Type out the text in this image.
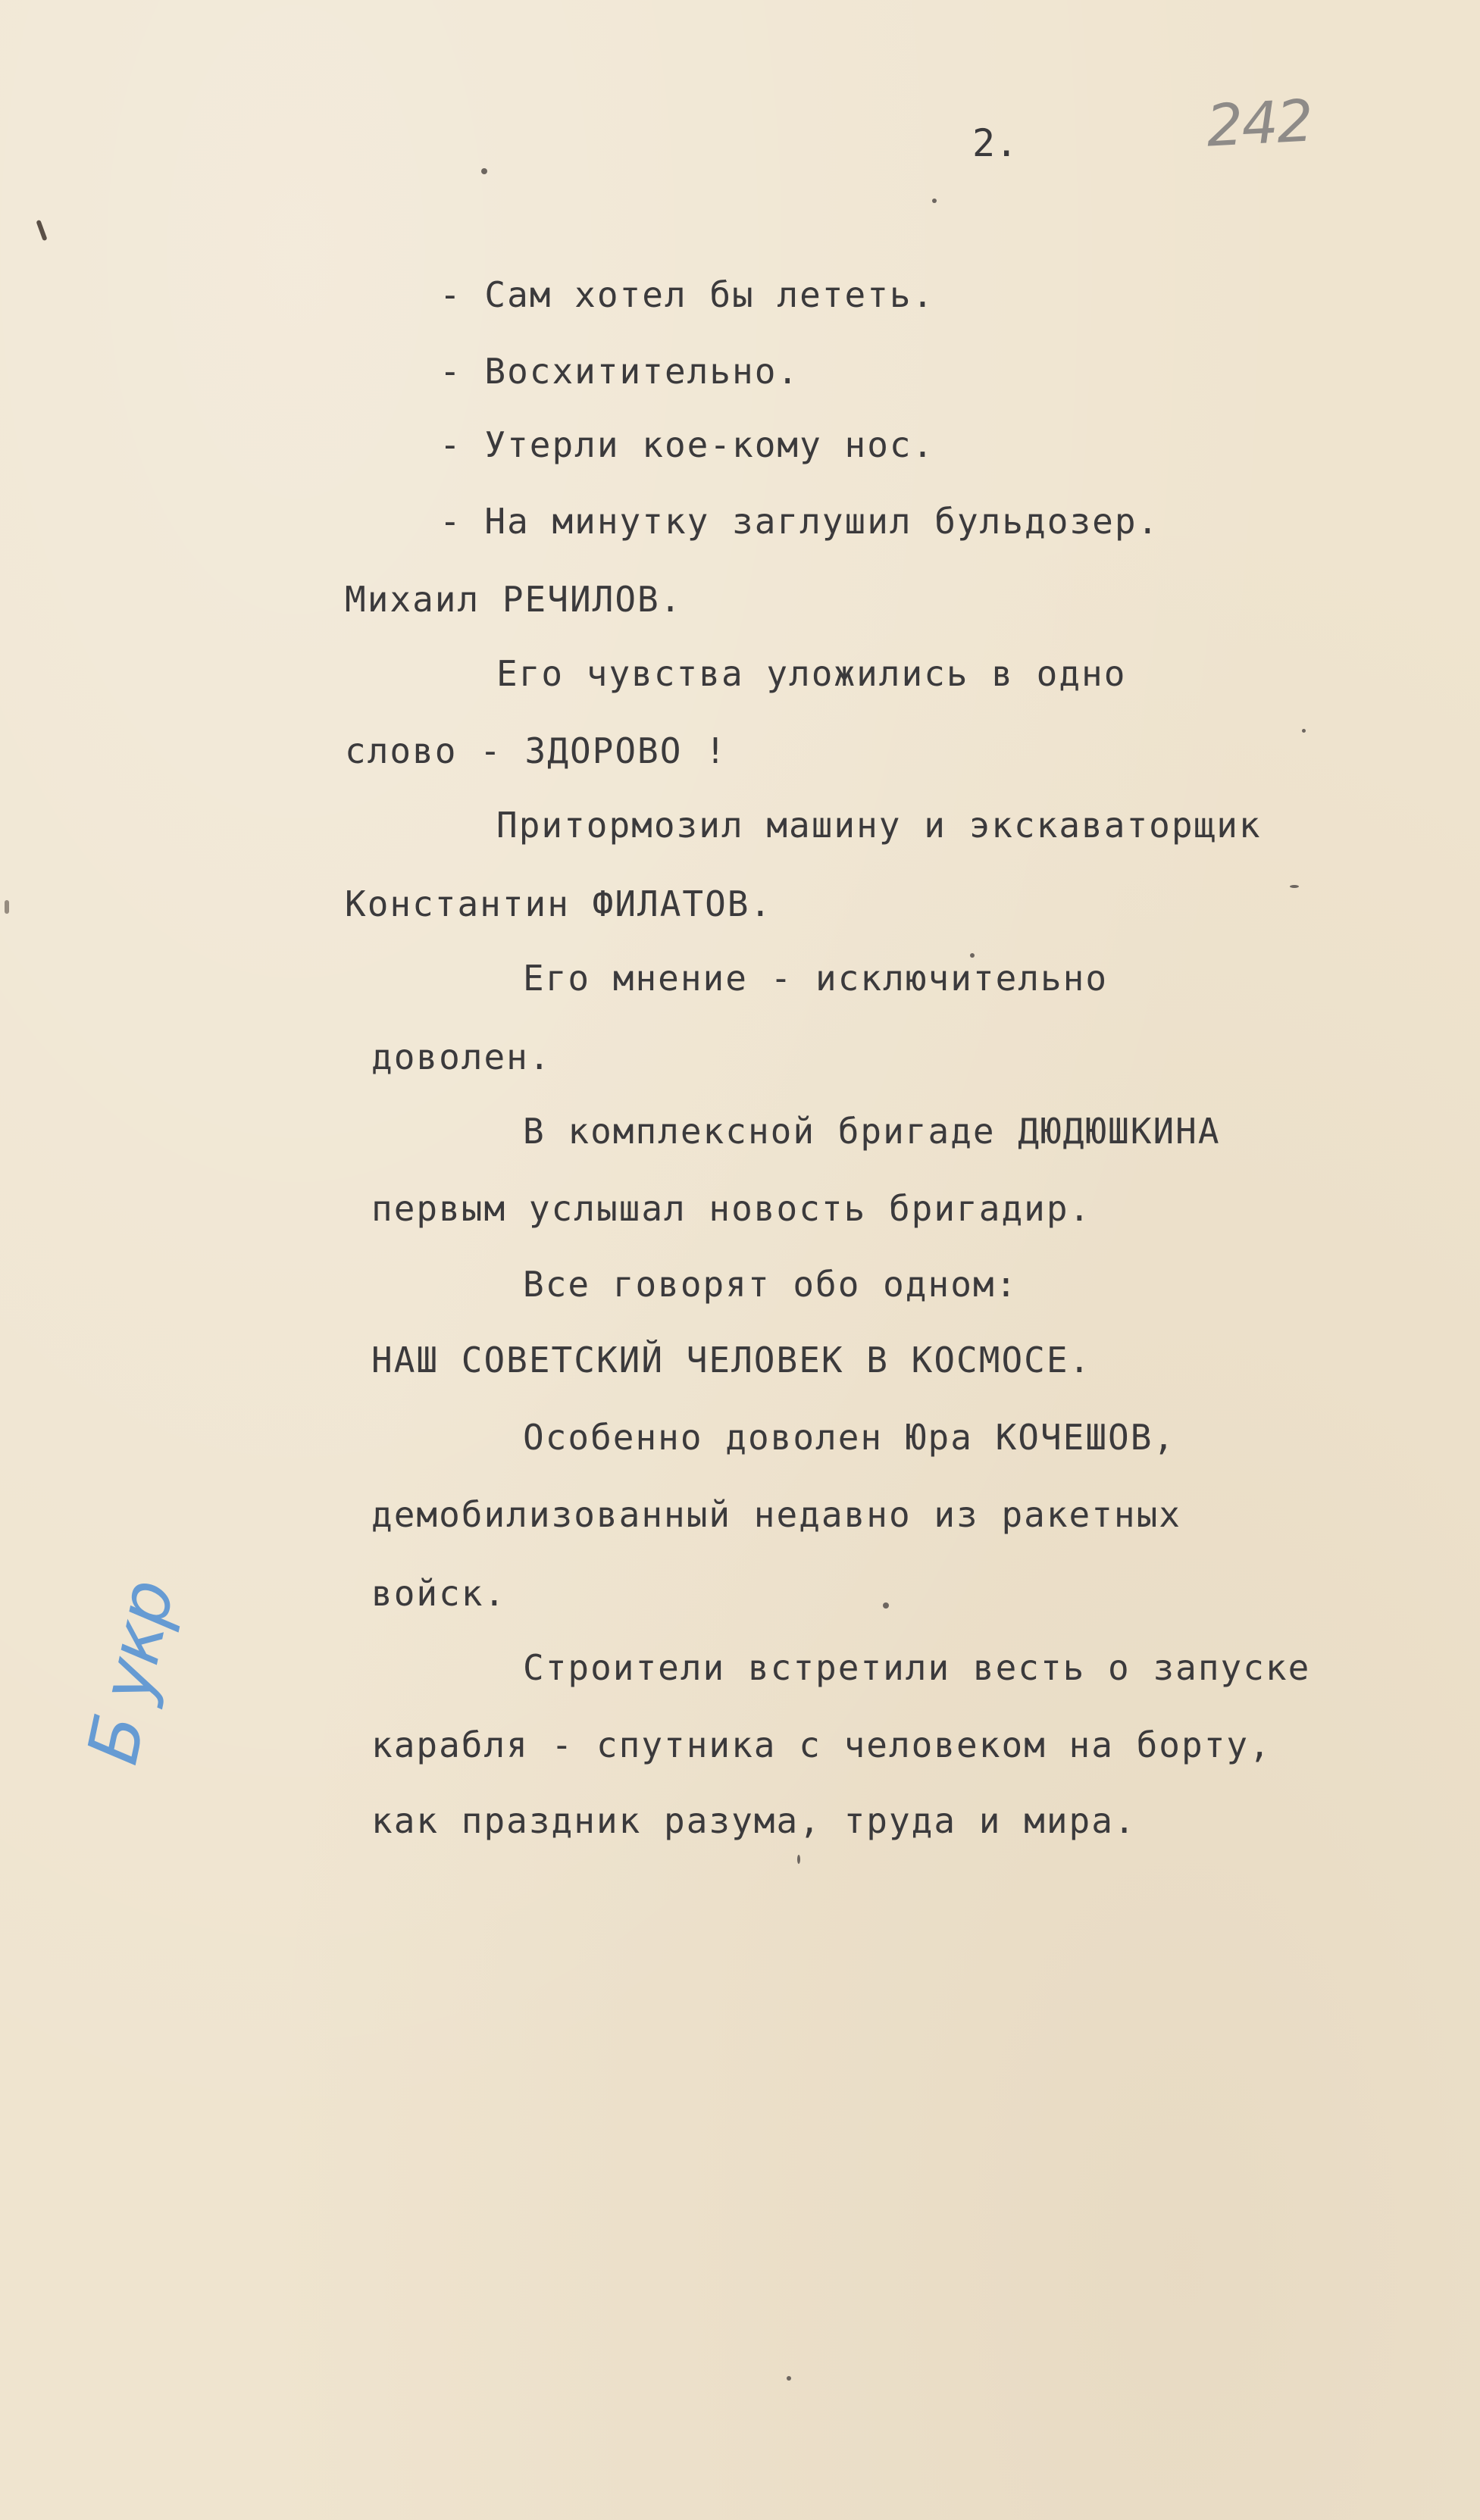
2.	242
- Сам хотел бы лететь.
- Восхитительно.
- Утерли кое-кому нос.
- На минутку заглушил бульдозер.
Михаил РЕЧИЛОВ.
Его чувства уложились в одно
слово - ЗДОРОВО !
Притормозил машину и экскаваторщик
Константин ФИЛАТОВ.
Его мнение - исключительно
доволен.
В комплексной бригаде ДЮДЮШКИНА
первым услышал новость бригадир.
Все говорят обо одном:
НАШ СОВЕТСКИЙ ЧЕЛОВЕК В КОСМОСЕ.
Особенно доволен Юра КОЧЕШОВ,
демобилизованный недавно из ракетных
войск.
Строители встретили весть о запуске
карабля - спутника с человеком на борту,
как праздник разума, труда и мира.
Б укр
